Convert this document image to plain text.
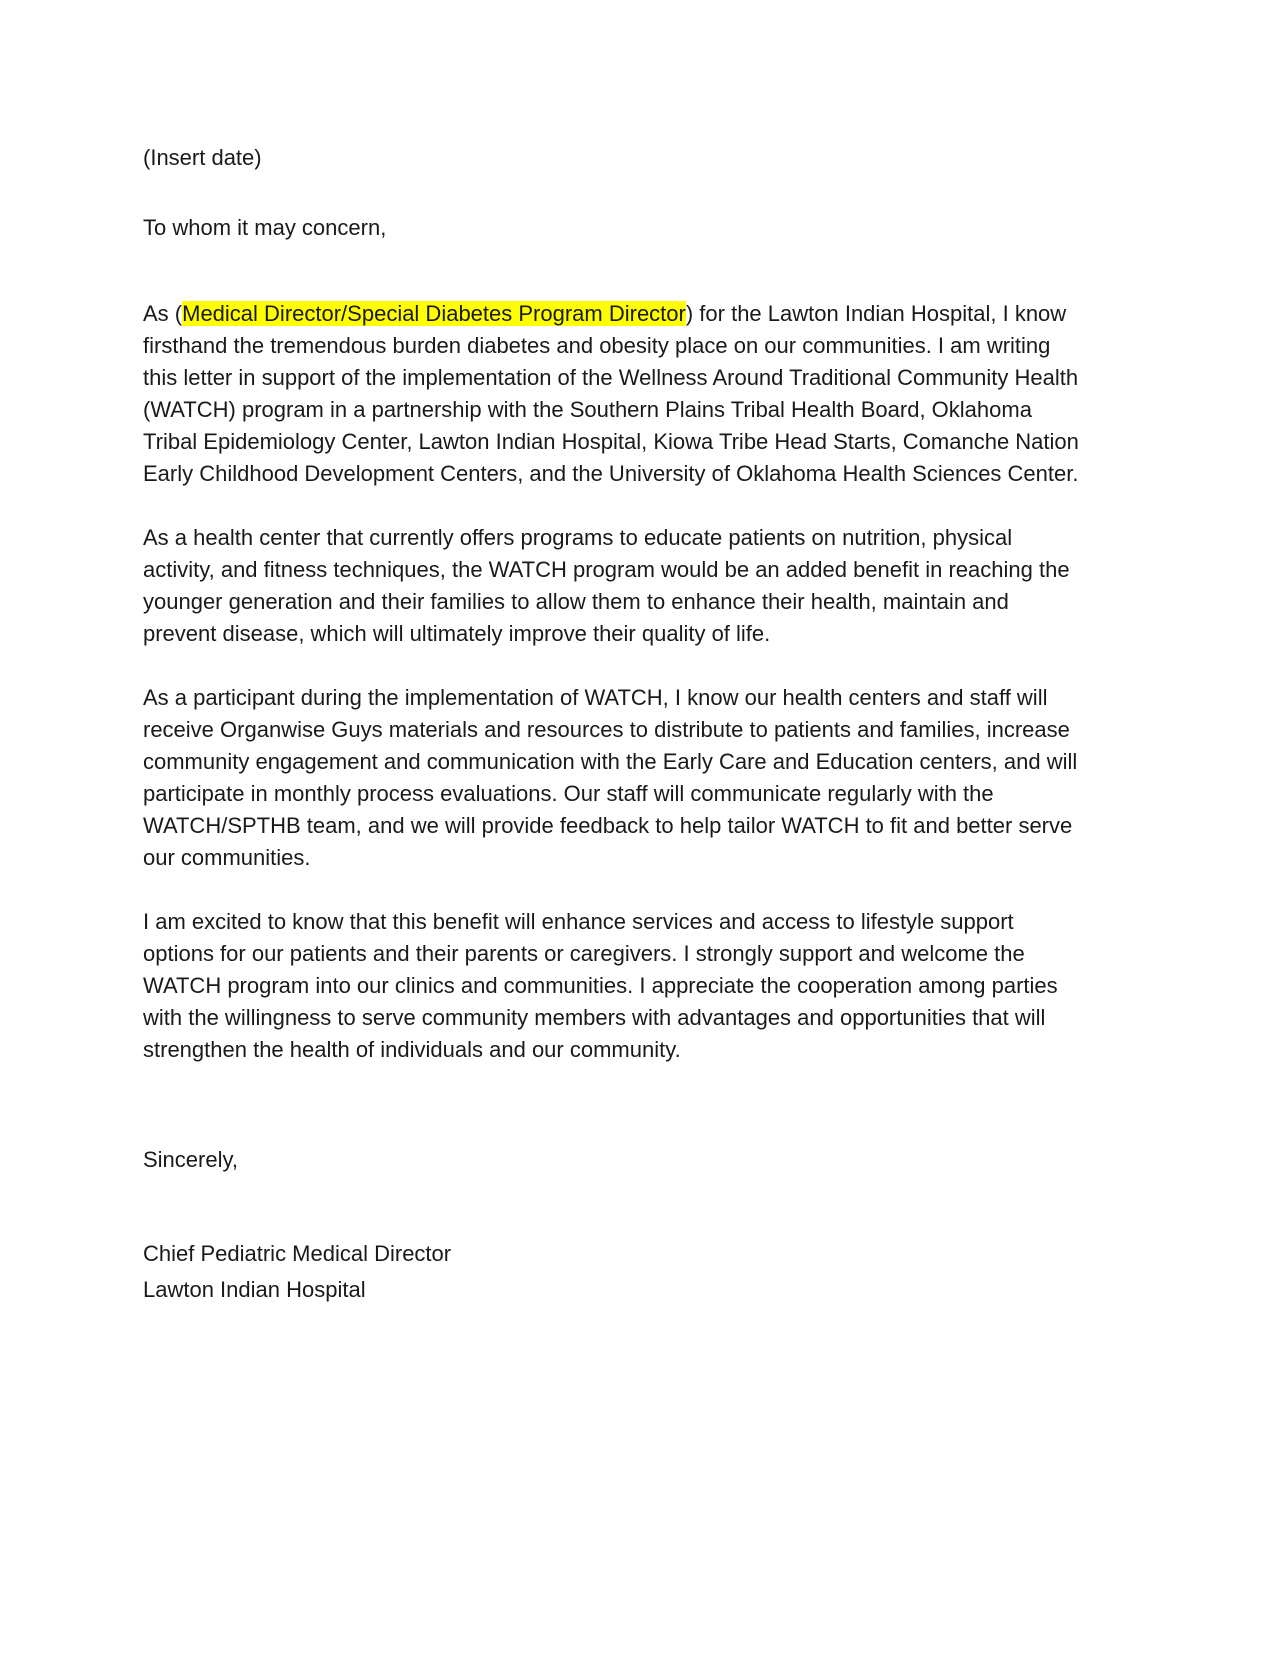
(Insert date)

To whom it may concern,

As (Medical Director/Special Diabetes Program Director) for the Lawton Indian Hospital, I know firsthand the tremendous burden diabetes and obesity place on our communities. I am writing this letter in support of the implementation of the Wellness Around Traditional Community Health (WATCH) program in a partnership with the Southern Plains Tribal Health Board, Oklahoma Tribal Epidemiology Center, Lawton Indian Hospital, Kiowa Tribe Head Starts, Comanche Nation Early Childhood Development Centers, and the University of Oklahoma Health Sciences Center.

As a health center that currently offers programs to educate patients on nutrition, physical activity, and fitness techniques, the WATCH program would be an added benefit in reaching the younger generation and their families to allow them to enhance their health, maintain and prevent disease, which will ultimately improve their quality of life.

As a participant during the implementation of WATCH, I know our health centers and staff will receive Organwise Guys materials and resources to distribute to patients and families, increase community engagement and communication with the Early Care and Education centers, and will participate in monthly process evaluations. Our staff will communicate regularly with the WATCH/SPTHB team, and we will provide feedback to help tailor WATCH to fit and better serve our communities.

I am excited to know that this benefit will enhance services and access to lifestyle support options for our patients and their parents or caregivers. I strongly support and welcome the WATCH program into our clinics and communities. I appreciate the cooperation among parties with the willingness to serve community members with advantages and opportunities that will strengthen the health of individuals and our community.

Sincerely,

Chief Pediatric Medical Director

Lawton Indian Hospital
